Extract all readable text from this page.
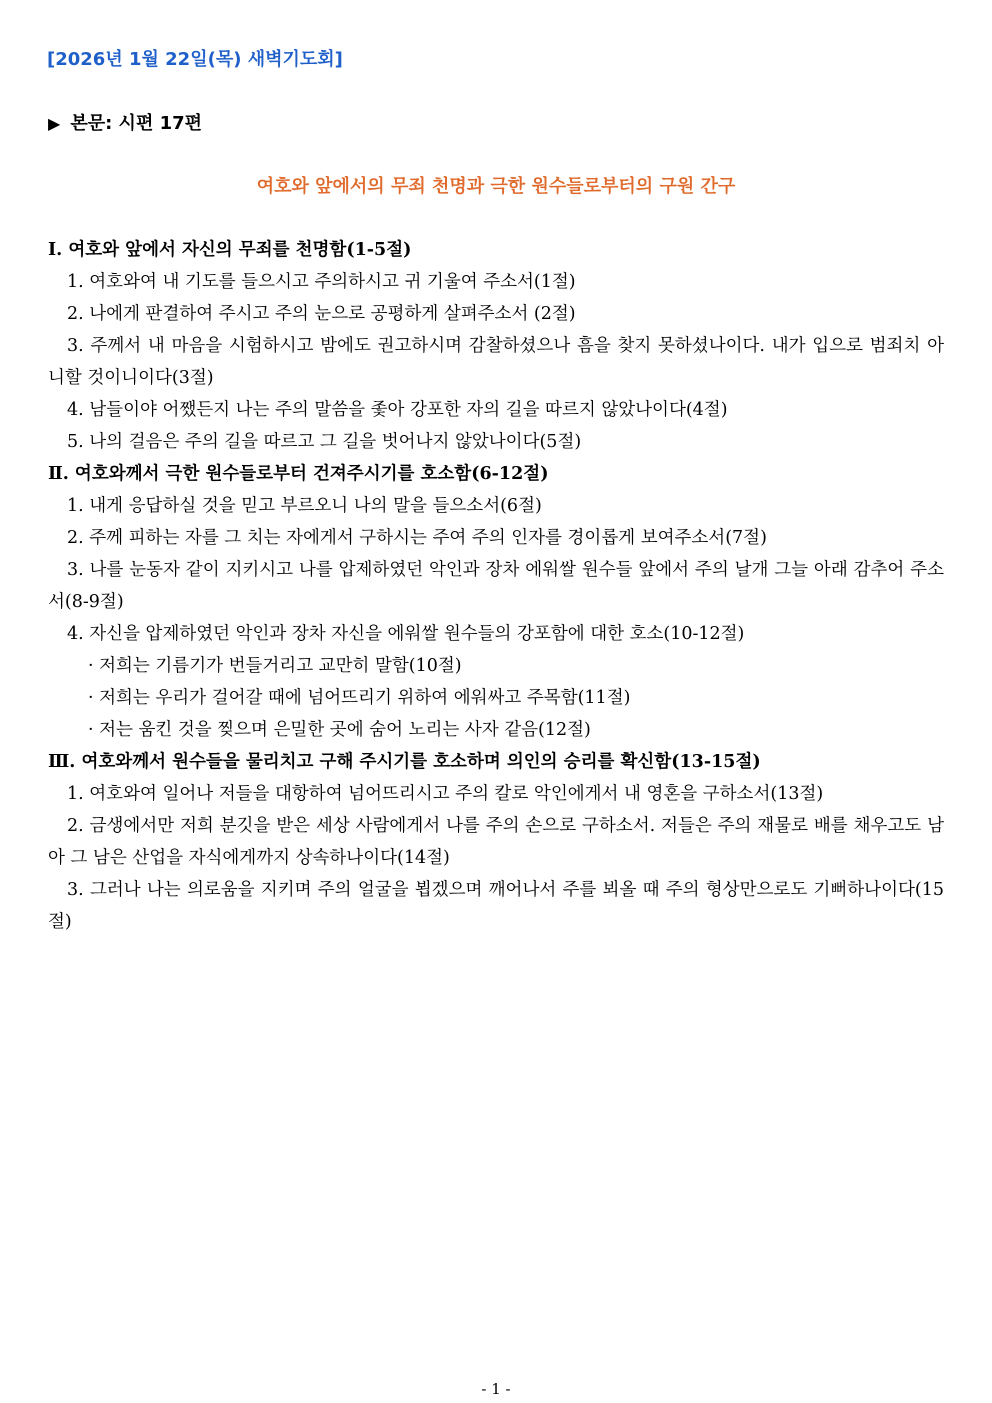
[2026년 1월 22일(목) 새벽기도회]
▶ 본문: 시편 17편
여호와 앞에서의 무죄 천명과 극한 원수들로부터의 구원 간구
Ⅰ. 여호와 앞에서 자신의 무죄를 천명함(1-5절)
1. 여호와여 내 기도를 들으시고 주의하시고 귀 기울여 주소서(1절)
2. 나에게 판결하여 주시고 주의 눈으로 공평하게 살펴주소서 (2절)
3. 주께서 내 마음을 시험하시고 밤에도 권고하시며 감찰하셨으나 흠을 찾지 못하셨나이다. 내가 입으로 범죄치 아니할 것이니이다(3절)
4. 남들이야 어쨌든지 나는 주의 말씀을 좇아 강포한 자의 길을 따르지 않았나이다(4절)
5. 나의 걸음은 주의 길을 따르고 그 길을 벗어나지 않았나이다(5절)
Ⅱ. 여호와께서 극한 원수들로부터 건져주시기를 호소함(6-12절)
1. 내게 응답하실 것을 믿고 부르오니 나의 말을 들으소서(6절)
2. 주께 피하는 자를 그 치는 자에게서 구하시는 주여 주의 인자를 경이롭게 보여주소서(7절)
3. 나를 눈동자 같이 지키시고 나를 압제하였던 악인과 장차 에워쌀 원수들 앞에서 주의 날개 그늘 아래 감추어 주소서(8-9절)
4. 자신을 압제하였던 악인과 장차 자신을 에워쌀 원수들의 강포함에 대한 호소(10-12절)
· 저희는 기름기가 번들거리고 교만히 말함(10절)
· 저희는 우리가 걸어갈 때에 넘어뜨리기 위하여 에워싸고 주목함(11절)
· 저는 움킨 것을 찢으며 은밀한 곳에 숨어 노리는 사자 같음(12절)
Ⅲ. 여호와께서 원수들을 물리치고 구해 주시기를 호소하며 의인의 승리를 확신함(13-15절)
1. 여호와여 일어나 저들을 대항하여 넘어뜨리시고 주의 칼로 악인에게서 내 영혼을 구하소서(13절)
2. 금생에서만 저희 분깃을 받은 세상 사람에게서 나를 주의 손으로 구하소서. 저들은 주의 재물로 배를 채우고도 남아 그 남은 산업을 자식에게까지 상속하나이다(14절)
3. 그러나 나는 의로움을 지키며 주의 얼굴을 뵙겠으며 깨어나서 주를 뵈올 때 주의 형상만으로도 기뻐하나이다(15절)
- 1 -
